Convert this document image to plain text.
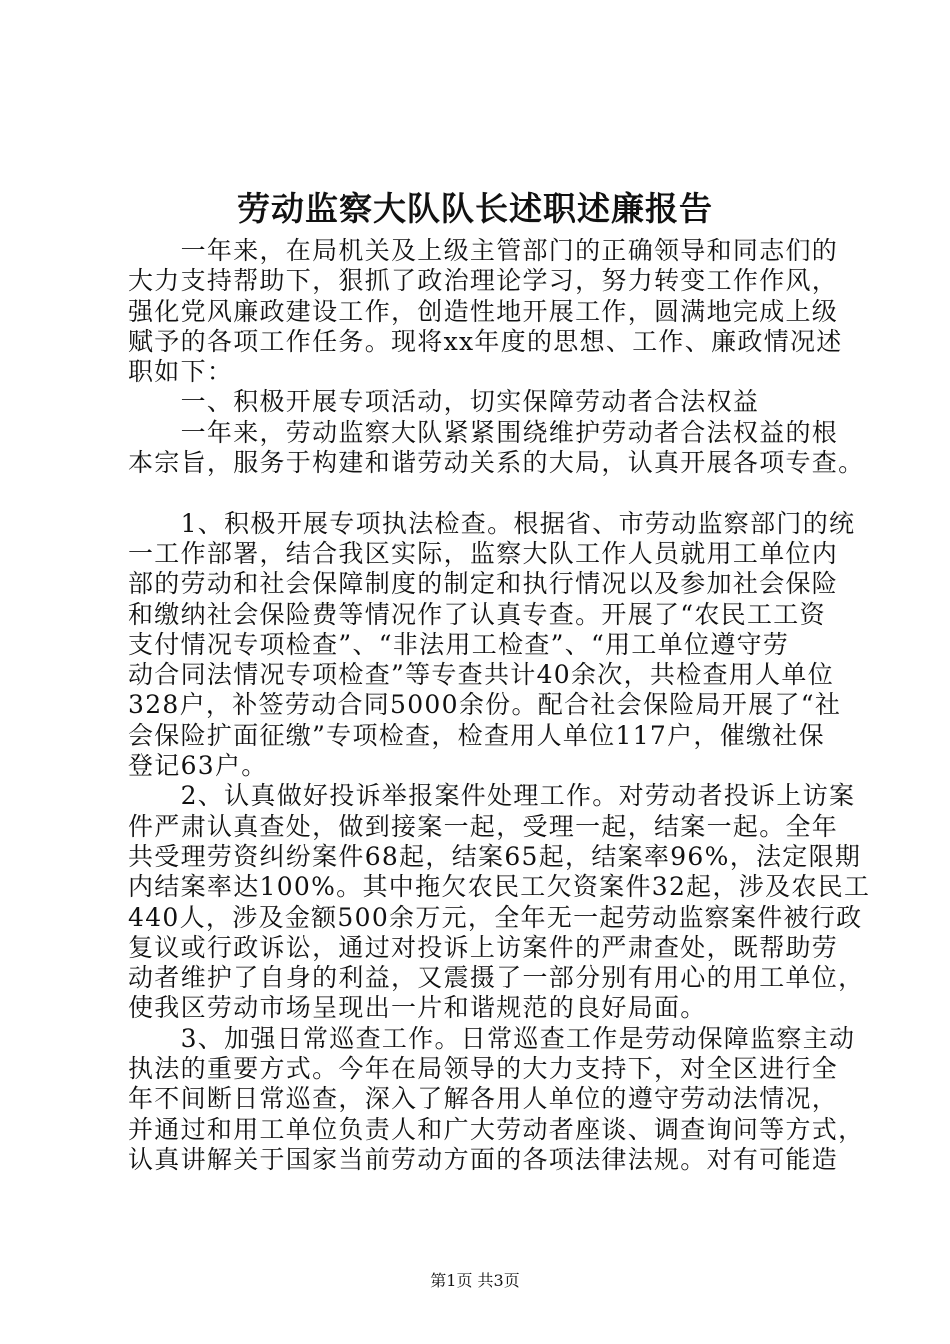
劳动监察大队队长述职述廉报告
　　一年来，在局机关及上级主管部门的正确领导和同志们的
大力支持帮助下，狠抓了政治理论学习，努力转变工作作风，
强化党风廉政建设工作，创造性地开展工作，圆满地完成上级
赋予的各项工作任务。现将xx年度的思想、工作、廉政情况述
职如下：
　　一、积极开展专项活动，切实保障劳动者合法权益
　　一年来，劳动监察大队紧紧围绕维护劳动者合法权益的根
本宗旨，服务于构建和谐劳动关系的大局，认真开展各项专查。
　　1、积极开展专项执法检查。根据省、市劳动监察部门的统
一工作部署，结合我区实际，监察大队工作人员就用工单位内
部的劳动和社会保障制度的制定和执行情况以及参加社会保险
和缴纳社会保险费等情况作了认真专查。开展了“农民工工资
支付情况专项检查”、“非法用工检查”、“用工单位遵守劳
动合同法情况专项检查”等专查共计40余次，共检查用人单位
328户，补签劳动合同5000余份。配合社会保险局开展了“社
会保险扩面征缴”专项检查，检查用人单位117户，催缴社保
登记63户。
　　2、认真做好投诉举报案件处理工作。对劳动者投诉上访案
件严肃认真查处，做到接案一起，受理一起，结案一起。全年
共受理劳资纠纷案件68起，结案65起，结案率96%，法定限期
内结案率达100%。其中拖欠农民工欠资案件32起，涉及农民工
440人，涉及金额500余万元，全年无一起劳动监察案件被行政
复议或行政诉讼，通过对投诉上访案件的严肃查处，既帮助劳
动者维护了自身的利益，又震摄了一部分别有用心的用工单位，
使我区劳动市场呈现出一片和谐规范的良好局面。
　　3、加强日常巡查工作。日常巡查工作是劳动保障监察主动
执法的重要方式。今年在局领导的大力支持下，对全区进行全
年不间断日常巡查，深入了解各用人单位的遵守劳动法情况，
并通过和用工单位负责人和广大劳动者座谈、调查询问等方式，
认真讲解关于国家当前劳动方面的各项法律法规。对有可能造
第1页 共3页
